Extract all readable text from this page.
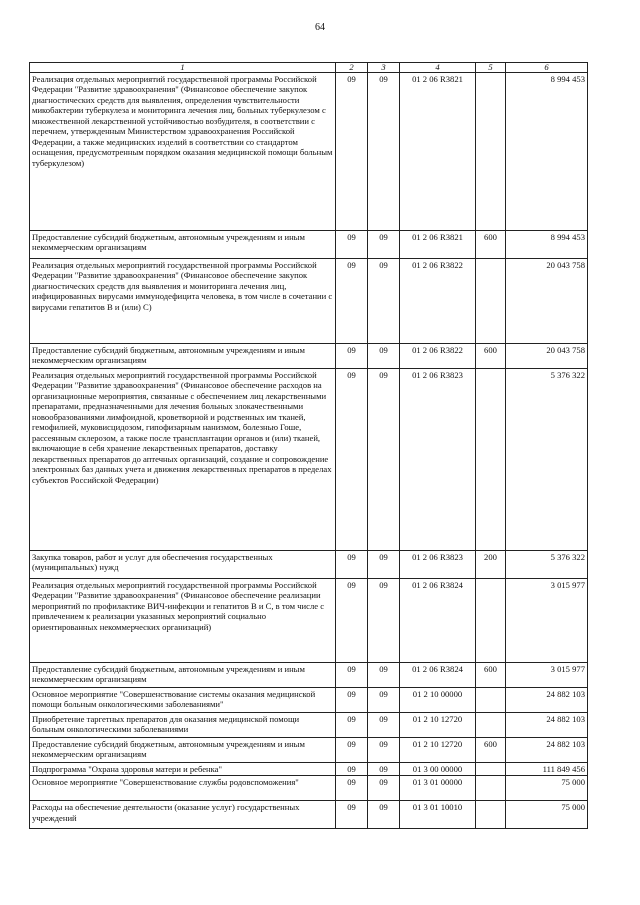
64
1	2	3	4	5	6
Реализация отдельных мероприятий государственной программы Российской Федерации "Развитие здравоохранения" (Финансовое обеспечение закупок диагностических средств для выявления, определения чувствительности микобактерии туберкулеза и мониторинга лечения лиц, больных туберкулезом с множественной лекарственной устойчивостью возбудителя, в соответствии с перечнем, утвержденным Министерством здравоохранения Российской Федерации, а также медицинских изделий в соответствии со стандартом оснащения, предусмотренным порядком оказания медицинской помощи больным туберкулезом)	09	09	01 2 06 R3821		8 994 453
Предоставление субсидий бюджетным, автономным учреждениям и иным некоммерческим организациям	09	09	01 2 06 R3821	600	8 994 453
Реализация отдельных мероприятий государственной программы Российской Федерации "Развитие здравоохранения" (Финансовое обеспечение закупок диагностических средств для выявления и мониторинга лечения лиц, инфицированных вирусами иммунодефицита человека, в том числе в сочетании с вирусами гепатитов B и (или) C)	09	09	01 2 06 R3822		20 043 758
Предоставление субсидий бюджетным, автономным учреждениям и иным некоммерческим организациям	09	09	01 2 06 R3822	600	20 043 758
Реализация отдельных мероприятий государственной программы Российской Федерации "Развитие здравоохранения" (Финансовое обеспечение расходов на организационные мероприятия, связанные с обеспечением лиц лекарственными препаратами, предназначенными для лечения больных злокачественными новообразованиями лимфоидной, кроветворной и родственных им тканей, гемофилией, муковисцидозом, гипофизарным нанизмом, болезнью Гоше, рассеянным склерозом, а также после трансплантации органов и (или) тканей, включающие в себя хранение лекарственных препаратов, доставку лекарственных препаратов до аптечных организаций, создание и сопровождение электронных баз данных учета и движения лекарственных препаратов в пределах субъектов Российской Федерации)	09	09	01 2 06 R3823		5 376 322
Закупка товаров, работ и услуг для обеспечения государственных (муниципальных) нужд	09	09	01 2 06 R3823	200	5 376 322
Реализация отдельных мероприятий государственной программы Российской Федерации "Развитие здравоохранения" (Финансовое обеспечение реализации мероприятий по профилактике ВИЧ-инфекции и гепатитов B и C, в том числе с привлечением к реализации указанных мероприятий социально ориентированных некоммерческих организаций)	09	09	01 2 06 R3824		3 015 977
Предоставление субсидий бюджетным, автономным учреждениям и иным некоммерческим организациям	09	09	01 2 06 R3824	600	3 015 977
Основное мероприятие "Совершенствование системы оказания медицинской помощи больным онкологическими заболеваниями"	09	09	01 2 10 00000		24 882 103
Приобретение таргетных препаратов для оказания медицинской помощи больным онкологическими заболеваниями	09	09	01 2 10 12720		24 882 103
Предоставление субсидий бюджетным, автономным учреждениям и иным некоммерческим организациям	09	09	01 2 10 12720	600	24 882 103
Подпрограмма "Охрана здоровья матери и ребенка"	09	09	01 3 00 00000		111 849 456
Основное мероприятие "Совершенствование службы родовспоможения"	09	09	01 3 01 00000		75 000
Расходы на обеспечение деятельности (оказание услуг) государственных учреждений	09	09	01 3 01 10010		75 000
